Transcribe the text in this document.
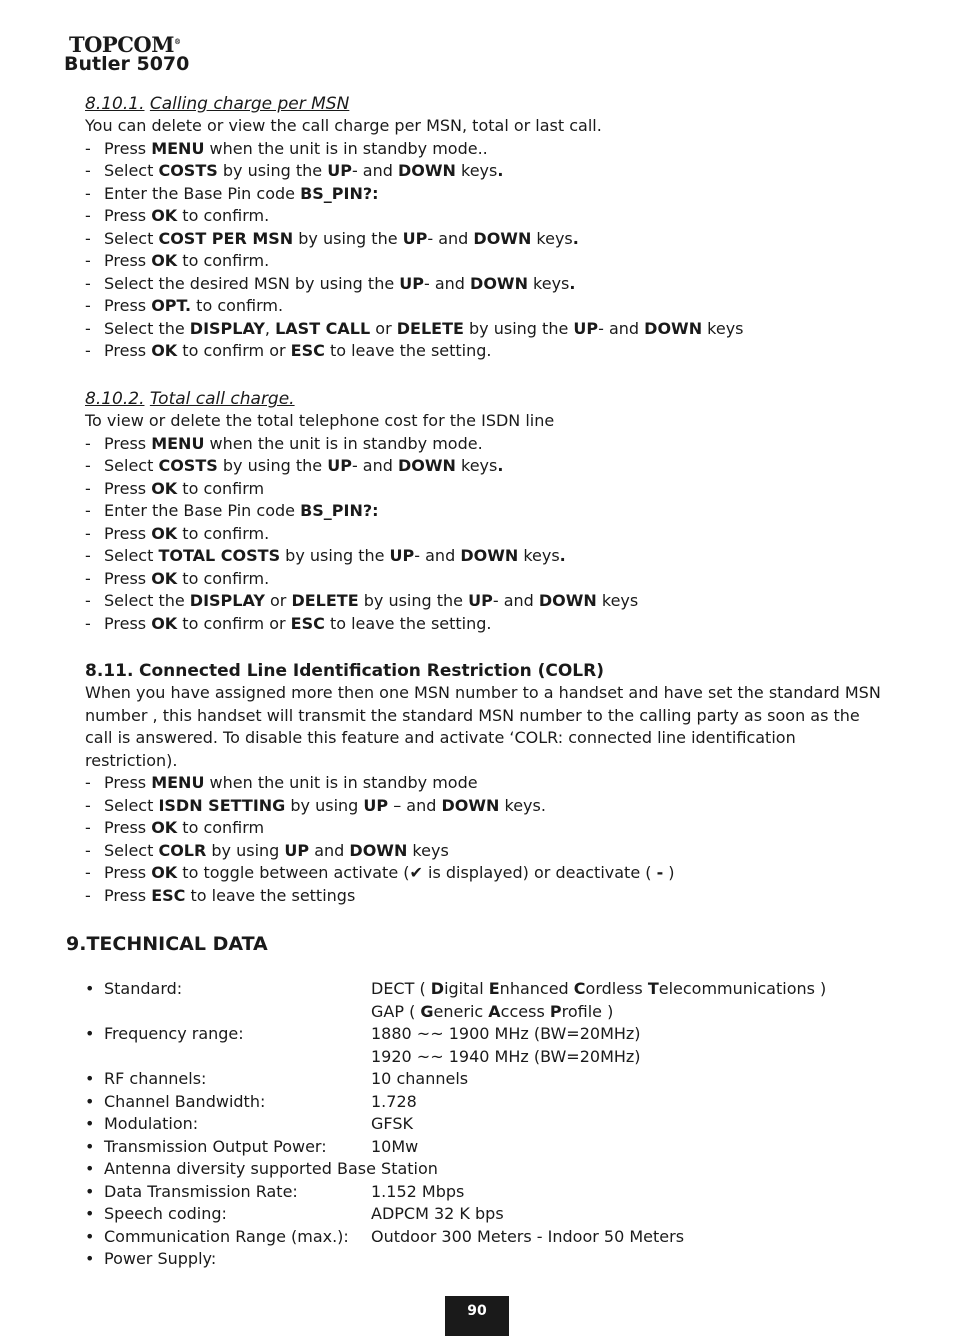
TOPCOM®
Butler 5070
8.10.1. Calling charge per MSN
You can delete or view the call charge per MSN, total or last call.
- Press MENU when the unit is in standby mode..
- Select COSTS by using the UP- and DOWN keys.
- Enter the Base Pin code BS_PIN?:
- Press OK to confirm.
- Select COST PER MSN by using the UP- and DOWN keys.
- Press OK to confirm.
- Select the desired MSN by using the UP- and DOWN keys.
- Press OPT. to confirm.
- Select the DISPLAY, LAST CALL or DELETE by using the UP- and DOWN keys
- Press OK to confirm or ESC to leave the setting.
8.10.2. Total call charge.
To view or delete the total telephone cost for the ISDN line
- Press MENU when the unit is in standby mode.
- Select COSTS by using the UP- and DOWN keys.
- Press OK to confirm
- Enter the Base Pin code BS_PIN?:
- Press OK to confirm.
- Select TOTAL COSTS by using the UP- and DOWN keys.
- Press OK to confirm.
- Select the DISPLAY or DELETE by using the UP- and DOWN keys
- Press OK to confirm or ESC to leave the setting.
8.11. Connected Line Identification Restriction (COLR)
When you have assigned more then one MSN number to a handset and have set the standard MSN number , this handset will transmit the standard MSN number to the calling party as soon as the call is answered. To disable this feature and activate ‘COLR: connected line identification restriction).
- Press MENU when the unit is in standby mode
- Select ISDN SETTING by using UP – and DOWN keys.
- Press OK to confirm
- Select COLR by using UP and DOWN keys
- Press OK to toggle between activate (✔ is displayed) or deactivate ( - )
- Press ESC to leave the settings
9.TECHNICAL DATA
• Standard:	DECT ( Digital Enhanced Cordless Telecommunications )
GAP ( Generic Access Profile )
• Frequency range:	1880 ~~ 1900 MHz (BW=20MHz)
1920 ~~ 1940 MHz (BW=20MHz)
• RF channels:	10 channels
• Channel Bandwidth:	1.728
• Modulation:	GFSK
• Transmission Output Power:	10Mw
• Antenna diversity supported Base Station
• Data Transmission Rate:	1.152 Mbps
• Speech coding:	ADPCM 32 K bps
• Communication Range (max.): Outdoor 300 Meters - Indoor 50 Meters
• Power Supply:
90
